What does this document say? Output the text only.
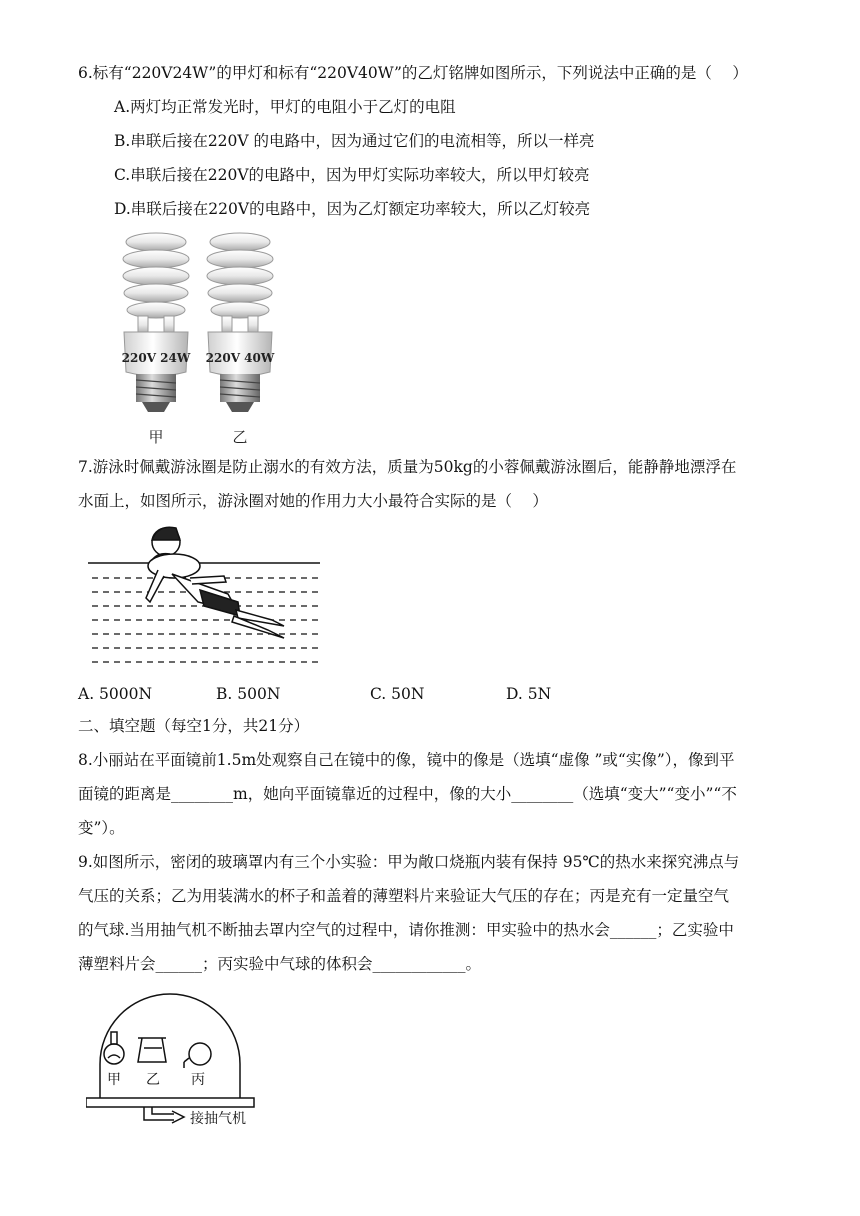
6.标有“220V24W”的甲灯和标有“220V40W”的乙灯铭牌如图所示，下列说法中正确的是（　 ）
A.两灯均正常发光时，甲灯的电阻小于乙灯的电阻
B.串联后接在220V 的电路中，因为通过它们的电流相等，所以一样亮
C.串联后接在220V的电路中，因为甲灯实际功率较大，所以甲灯较亮
D.串联后接在220V的电路中，因为乙灯额定功率较大，所以乙灯较亮
220V 24W 220V 40W
甲	乙
7.游泳时佩戴游泳圈是防止溺水的有效方法，质量为50kg的小蓉佩戴游泳圈后，能静静地漂浮在
水面上，如图所示，游泳圈对她的作用力大小最符合实际的是（　 ）
A. 5000N	B. 500N	C. 50N	D. 5N
二、填空题（每空1分，共21分）
8.小丽站在平面镜前1.5m处观察自己在镜中的像，镜中的像是（选填“虚像 ”或“实像”），像到平
面镜的距离是________m，她向平面镜靠近的过程中，像的大小________（选填“变大”“变小”“不
变”）。
9.如图所示，密闭的玻璃罩内有三个小实验：甲为敞口烧瓶内装有保持 95℃的热水来探究沸点与
气压的关系；乙为用装满水的杯子和盖着的薄塑料片来验证大气压的存在；丙是充有一定量空气
的气球.当用抽气机不断抽去罩内空气的过程中，请你推测：甲实验中的热水会______；乙实验中
薄塑料片会______；丙实验中气球的体积会____________。
甲 乙 丙
接抽气机
